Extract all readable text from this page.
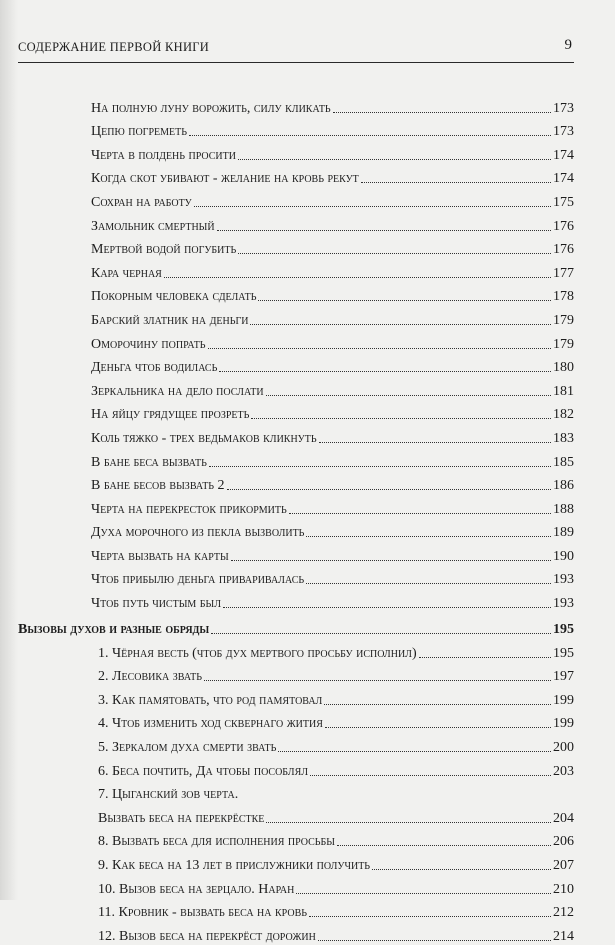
СОДЕРЖАНИЕ ПЕРВОЙ КНИГИ	9
На полную луну ворожить, силу кликать	173
Цепю погреметь	173
Черта в полдень просити	174
Когда скот убивают - желание на кровь рекут	174
Сохран на работу	175
Замольник смертный	176
Мертвой водой погубить	176
Кара черная	177
Покорным человека сделать	178
Барский златник на деньги	179
Оморочину попрать	179
Деньга чтоб водилась	180
Зеркальника на дело послати	181
На яйцу грядущее прозреть	182
Коль тяжко - трех ведьмаков кликнуть	183
В бане беса вызвать	185
В бане бесов вызвать 2	186
Черта на перекресток прикормить	188
Духа морочного из пекла вызволить	189
Черта вызвать на карты	190
Чтоб прибылю деньга приваривалась	193
Чтоб путь чистым был	193
Вызовы духов и разные обряды	195
1. Чёрная весть (чтоб дух мертвого просьбу исполнил)	195
2. Лесовика звать	197
3. Как памятовать, что род памятовал	199
4. Чтоб изменить ход сквернаго жития	199
5. Зеркалом духа смерти звать	200
6. Беса почтить, Да чтобы пособлял	203
7. Цыганский зов черта.
Вызвать беса на перекрёстке	204
8. Вызвать беса для исполнения просьбы	206
9. Как беса на 13 лет в прислужники получить	207
10. Вызов беса на зерцало. Наран	210
11. Кровник - вызвать беса на кровь	212
12. Вызов беса на перекрёст дорожин	214
